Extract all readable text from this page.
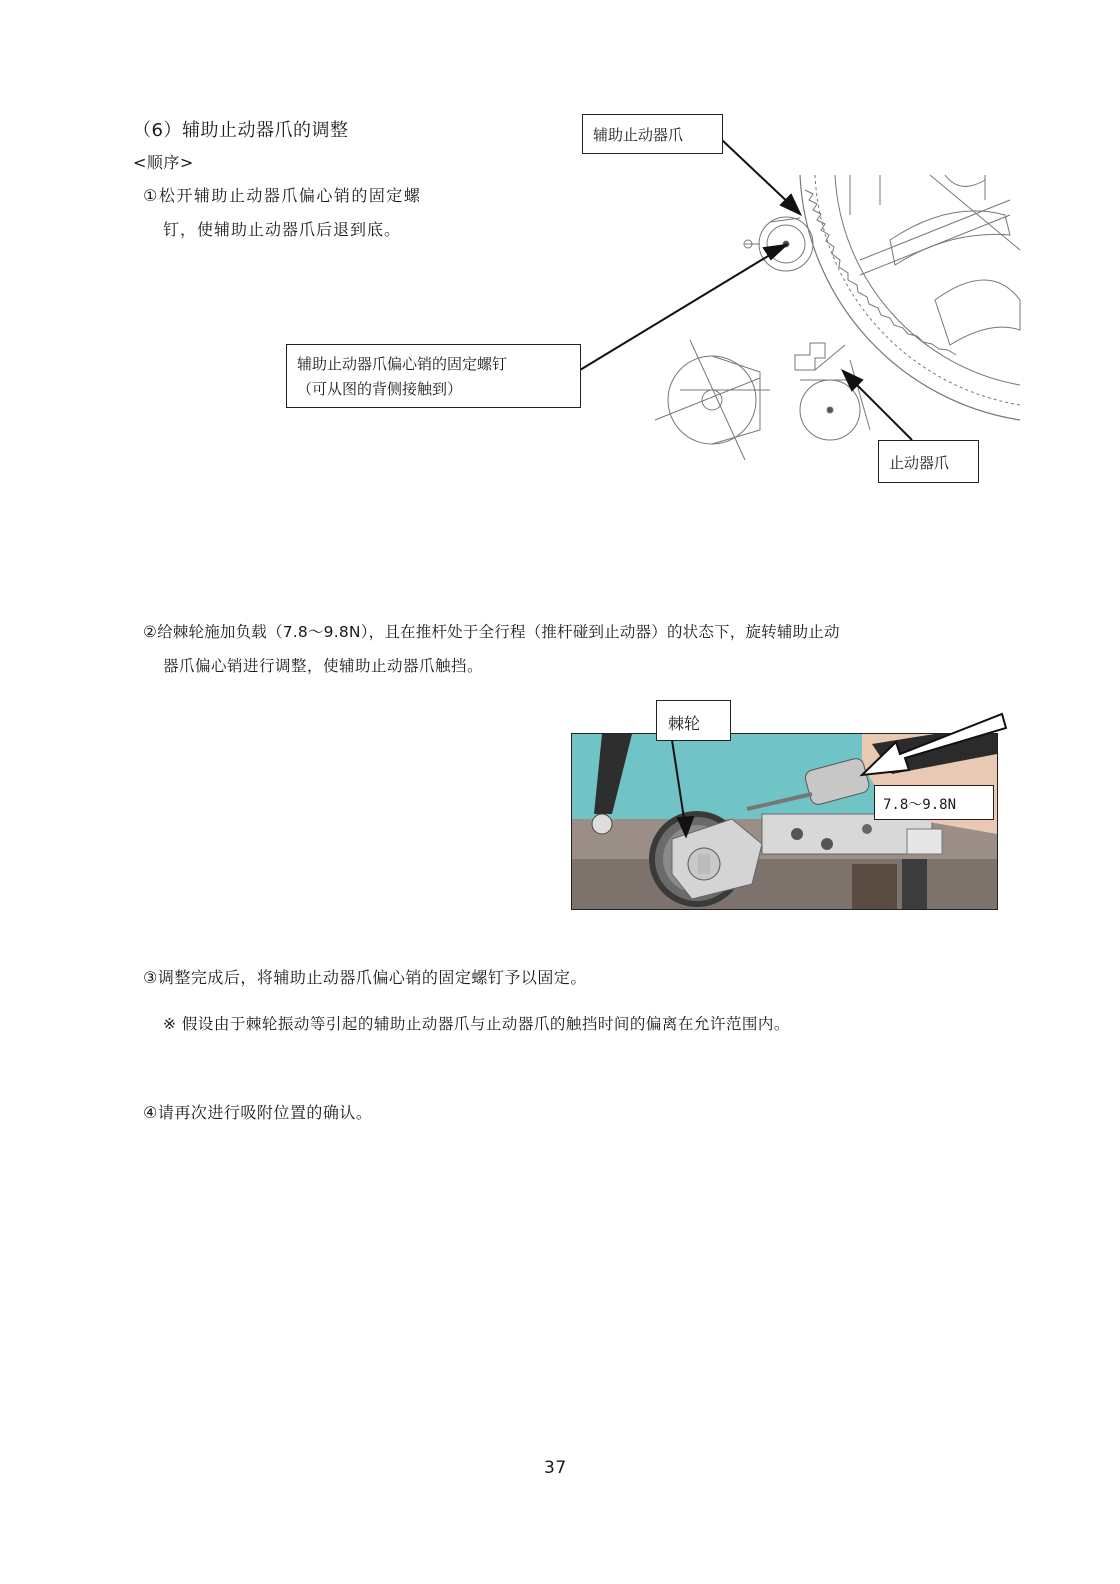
（6）辅助止动器爪的调整
<顺序>
①松开辅助止动器爪偏心销的固定螺
钉，使辅助止动器爪后退到底。
②给棘轮施加负载（7.8～9.8N），且在推杆处于全行程（推杆碰到止动器）的状态下，旋转辅助止动
器爪偏心销进行调整，使辅助止动器爪触挡。
③调整完成后，将辅助止动器爪偏心销的固定螺钉予以固定。
※ 假设由于棘轮振动等引起的辅助止动器爪与止动器爪的触挡时间的偏离在允许范围内。
④请再次进行吸附位置的确认。
37
辅助止动器爪
辅助止动器爪偏心销的固定螺钉
（可从图的背侧接触到）
止动器爪
棘轮
7.8～9.8N
